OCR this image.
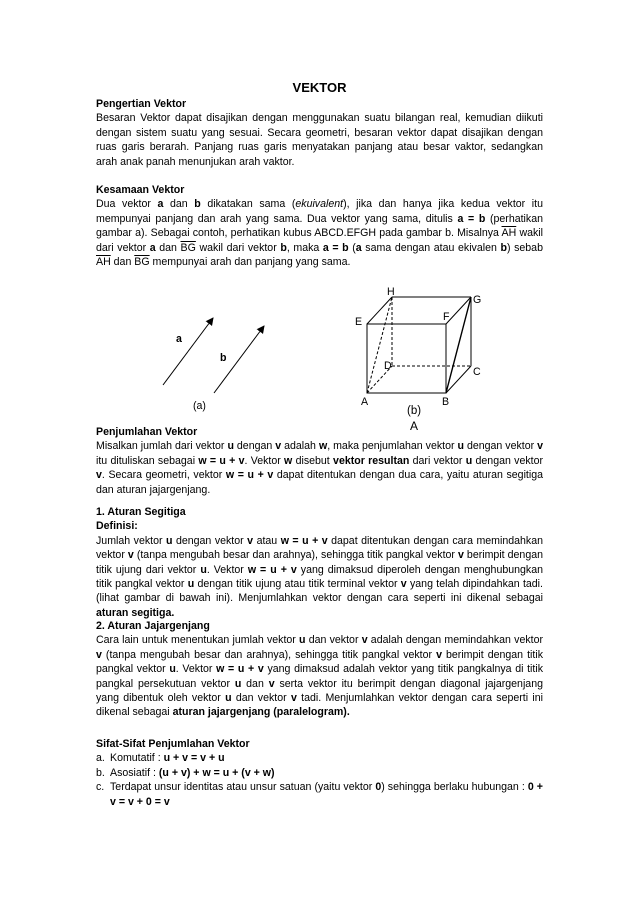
VEKTOR
Pengertian Vektor
Besaran Vektor dapat disajikan dengan menggunakan suatu bilangan real, kemudian diikuti dengan sistem suatu yang sesuai. Secara geometri, besaran vektor dapat disajikan dengan ruas garis berarah. Panjang ruas garis menyatakan panjang atau besar vaktor, sedangkan arah anak panah menunjukan arah vaktor.
Kesamaan Vektor
Dua vektor a dan b dikatakan sama (ekuivalent), jika dan hanya jika kedua vektor itu mempunyai panjang dan arah yang sama. Dua vektor yang sama, ditulis a = b (perhatikan gambar a). Sebagai contoh, perhatikan kubus ABCD.EFGH pada gambar b. Misalnya $\overline{AH}$ wakil dari vektor a dan $\overline{BG}$ wakil dari vektor b, maka a = b (a sama dengan atau ekivalen b) sebab $\overline{AH}$ dan $\overline{BG}$ mempunyai arah dan panjang yang sama.
a
b
(a)
H
G
E	F
D	C
A	B
(b)
A
Penjumlahan Vektor
Misalkan jumlah dari vektor u dengan v adalah w, maka penjumlahan vektor u dengan vektor v itu dituliskan sebagai w = u + v. Vektor w disebut vektor resultan dari vektor u dengan vektor v. Secara geometri, vektor w = u + v dapat ditentukan dengan dua cara, yaitu aturan segitiga dan aturan jajargenjang.
1. Aturan Segitiga
Definisi:
Jumlah vektor u dengan vektor v atau w = u + v dapat ditentukan dengan cara memindahkan vektor v (tanpa mengubah besar dan arahnya), sehingga titik pangkal vektor v berimpit dengan titik ujung dari vektor u. Vektor w = u + v yang dimaksud diperoleh dengan menghubungkan titik pangkal vektor u dengan titik ujung atau titik terminal vektor v yang telah dipindahkan tadi. (lihat gambar di bawah ini). Menjumlahkan vektor dengan cara seperti ini dikenal sebagai aturan segitiga.
2. Aturan Jajargenjang
Cara lain untuk menentukan jumlah vektor u dan vektor v adalah dengan memindahkan vektor v (tanpa mengubah besar dan arahnya), sehingga titik pangkal vektor v berimpit dengan titik pangkal vektor u. Vektor w = u + v yang dimaksud adalah vektor yang titik pangkalnya di titik pangkal persekutuan vektor u dan v serta vektor itu berimpit dengan diagonal jajargenjang yang dibentuk oleh vektor u dan vektor v tadi. Menjumlahkan vektor dengan cara seperti ini dikenal sebagai aturan jajargenjang (paralelogram).
Sifat-Sifat Penjumlahan Vektor
a. Komutatif : u + v = v + u
b. Asosiatif : (u + v) + w = u + (v + w)
c. Terdapat unsur identitas atau unsur satuan (yaitu vektor 0) sehingga berlaku hubungan : 0 + v = v + 0 = v
